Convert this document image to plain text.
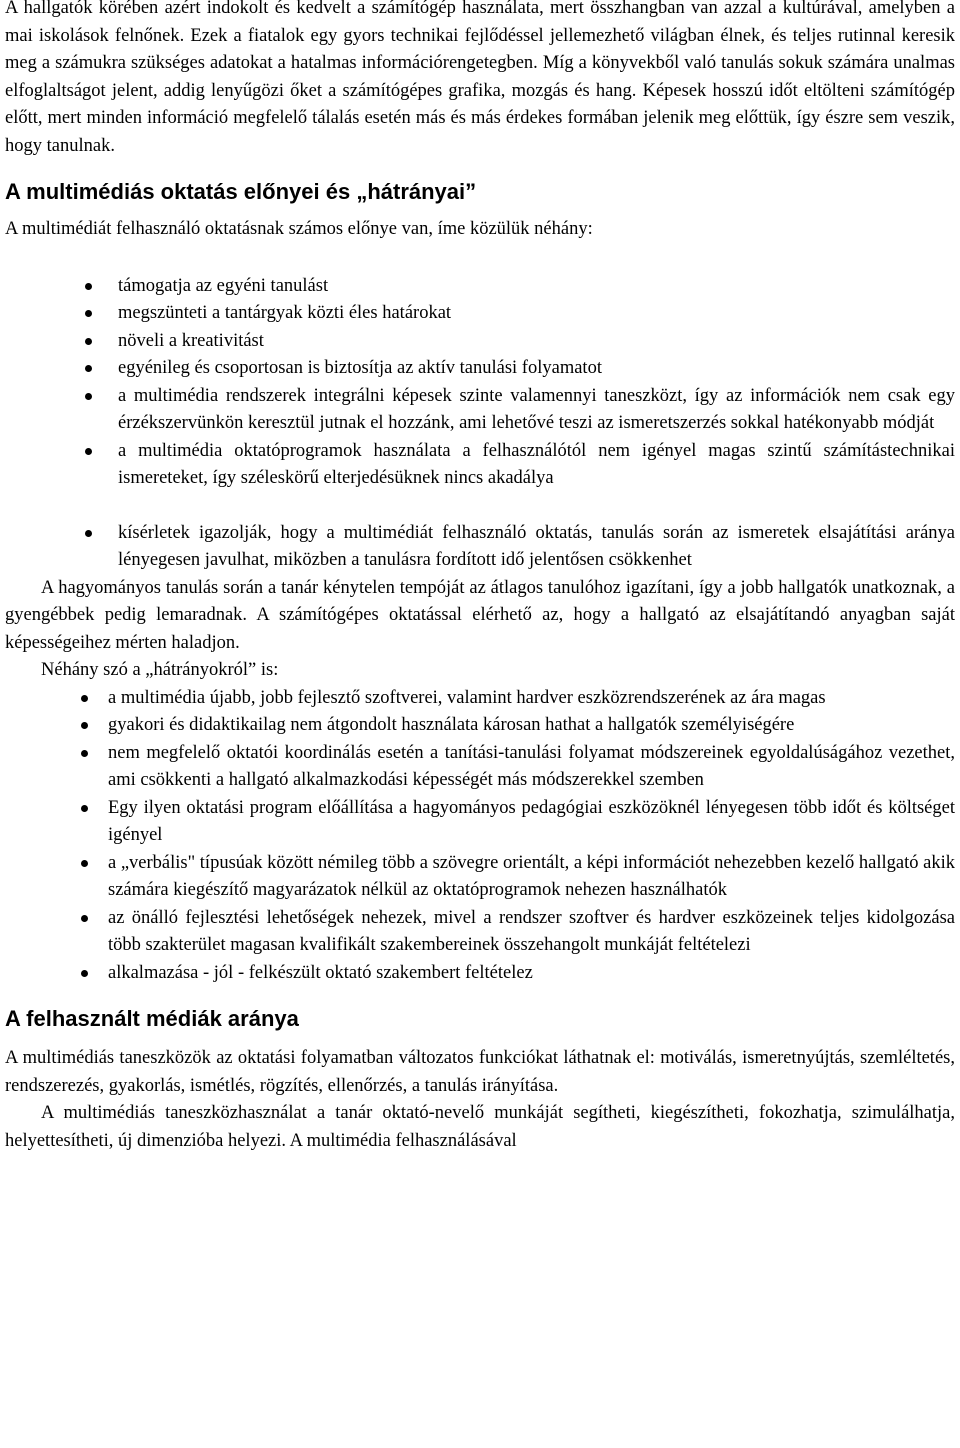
A hallgatók körében azért indokolt és kedvelt a számítógép használata, mert összhangban van azzal a kultúrával, amelyben a mai iskolások felnőnek. Ezek a fiatalok egy gyors technikai fejlődéssel jellemezhető világban élnek, és teljes rutinnal keresik meg a számukra szükséges adatokat a hatalmas információrengetegben. Míg a könyvekből való tanulás sokuk számára unalmas elfoglaltságot jelent, addig lenyűgözi őket a számítógépes grafika, mozgás és hang. Képesek hosszú időt eltölteni számítógép előtt, mert minden információ megfelelő tálalás esetén más és más érdekes formában jelenik meg előttük, így észre sem veszik, hogy tanulnak.

A multimédiás oktatás előnyei és „hátrányai”

A multimédiát felhasználó oktatásnak számos előnye van, íme közülük néhány:

támogatja az egyéni tanulást
megszünteti a tantárgyak közti éles határokat
növeli a kreativitást
egyénileg és csoportosan is biztosítja az aktív tanulási folyamatot
a multimédia rendszerek integrálni képesek szinte valamennyi taneszközt, így az információk nem csak egy érzékszervünkön keresztül jutnak el hozzánk, ami lehetővé teszi az ismeretszerzés sokkal hatékonyabb módját
a multimédia oktatóprogramok használata a felhasználótól nem igényel magas szintű számítástechnikai ismereteket, így széleskörű elterjedésüknek nincs akadálya
kísérletek igazolják, hogy a multimédiát felhasználó oktatás, tanulás során az ismeretek elsajátítási aránya lényegesen javulhat, miközben a tanulásra fordított idő jelentősen csökkenhet

A hagyományos tanulás során a tanár kénytelen tempóját az átlagos tanulóhoz igazítani, így a jobb hallgatók unatkoznak, a gyengébbek pedig lemaradnak. A számítógépes oktatással elérhető az, hogy a hallgató az elsajátítandó anyagban saját képességeihez mérten haladjon.

Néhány szó a „hátrányokról” is:

a multimédia újabb, jobb fejlesztő szoftverei, valamint hardver eszközrendszerének az ára magas
gyakori és didaktikailag nem átgondolt használata károsan hathat a hallgatók személyiségére
nem megfelelő oktatói koordinálás esetén a tanítási-tanulási folyamat módszereinek egyoldalúságához vezethet, ami csökkenti a hallgató alkalmazkodási képességét más módszerekkel szemben
Egy ilyen oktatási program előállítása a hagyományos pedagógiai eszközöknél lényegesen több időt és költséget igényel
a „verbális" típusúak között némileg több a szövegre orientált, a képi információt nehezebben kezelő hallgató akik számára kiegészítő magyarázatok nélkül az oktatóprogramok nehezen használhatók
az önálló fejlesztési lehetőségek nehezek, mivel a rendszer szoftver és hardver eszközeinek teljes kidolgozása több szakterület magasan kvalifikált szakembereinek összehangolt munkáját feltételezi
alkalmazása - jól - felkészült oktató szakembert feltételez
A felhasznált médiák aránya

A multimédiás taneszközök az oktatási folyamatban változatos funkciókat láthatnak el: motiválás, ismeretnyújtás, szemléltetés, rendszerezés, gyakorlás, ismétlés, rögzítés, ellenőrzés, a tanulás irányítása.

A multimédiás taneszközhasználat a tanár oktató-nevelő munkáját segítheti, kiegészítheti, fokozhatja, szimulálhatja, helyettesítheti, új dimenzióba helyezi. A multimédia felhasználásával
